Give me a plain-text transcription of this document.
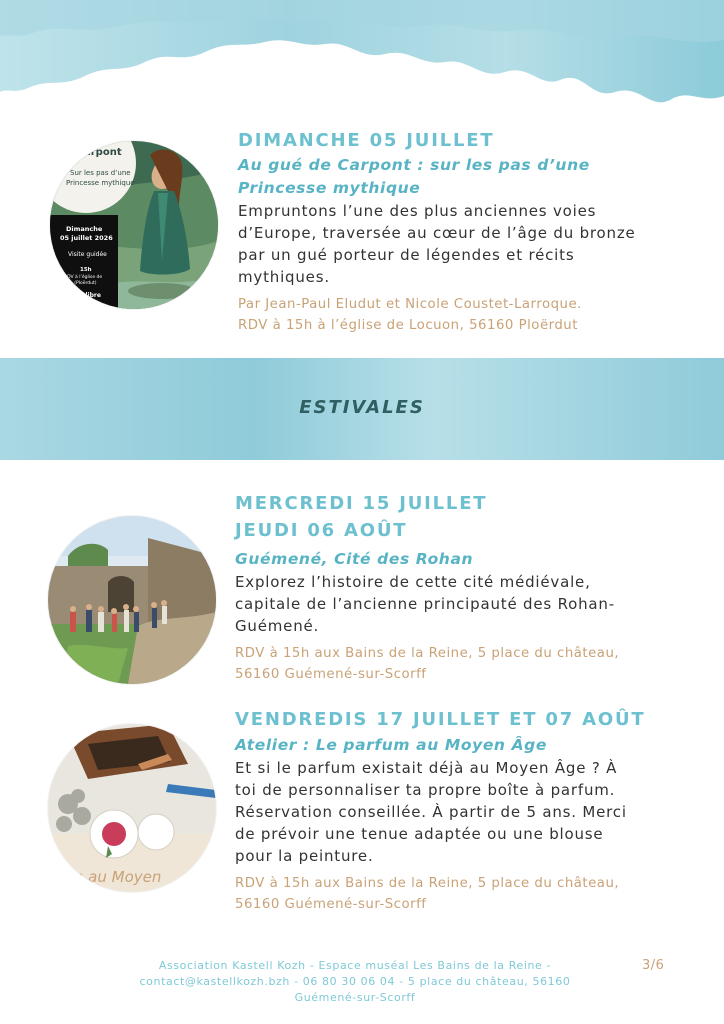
arpont
Sur les pas d’une
Princesse mythique
Dimanche
05 juillet 2026
Visite guidée
15h
RDV à l’église de
ion (Ploërdut)
ation libre

DIMANCHE 05 JUILLET

Au gué de Carpont : sur les pas d’une

Princesse mythique

Empruntons l’une des plus anciennes voies

d’Europe, traversée au cœur de l’âge du bronze

par un gué porteur de légendes et récits

mythiques.

Par Jean-Paul Eludut et Nicole Coustet-Larroque.
RDV à 15h à l’église de Locuon, 56160 Ploërdut
ESTIVALES

MERCREDI 15 JUILLET

JEUDI 06 AOÛT

Guémené, Cité des Rohan

Explorez l’histoire de cette cité médiévale,

capitale de l’ancienne principauté des Rohan-

Guémené.

RDV à 15h aux Bains de la Reine, 5 place du château,
56160 Guémené-sur-Scorff
fum au Moyen

VENDREDIS 17 JUILLET ET 07 AOÛT

Atelier : Le parfum au Moyen Âge

Et si le parfum existait déjà au Moyen Âge ? À

toi de personnaliser ta propre boîte à parfum.

Réservation conseillée. À partir de 5 ans. Merci

de prévoir une tenue adaptée ou une blouse

pour la peinture.

RDV à 15h aux Bains de la Reine, 5 place du château,
56160 Guémené-sur-Scorff
Association Kastell Kozh - Espace muséal Les Bains de la Reine -
contact@kastellkozh.bzh - 06 80 30 06 04 - 5 place du château, 56160
Guémené-sur-Scorff
3/6
